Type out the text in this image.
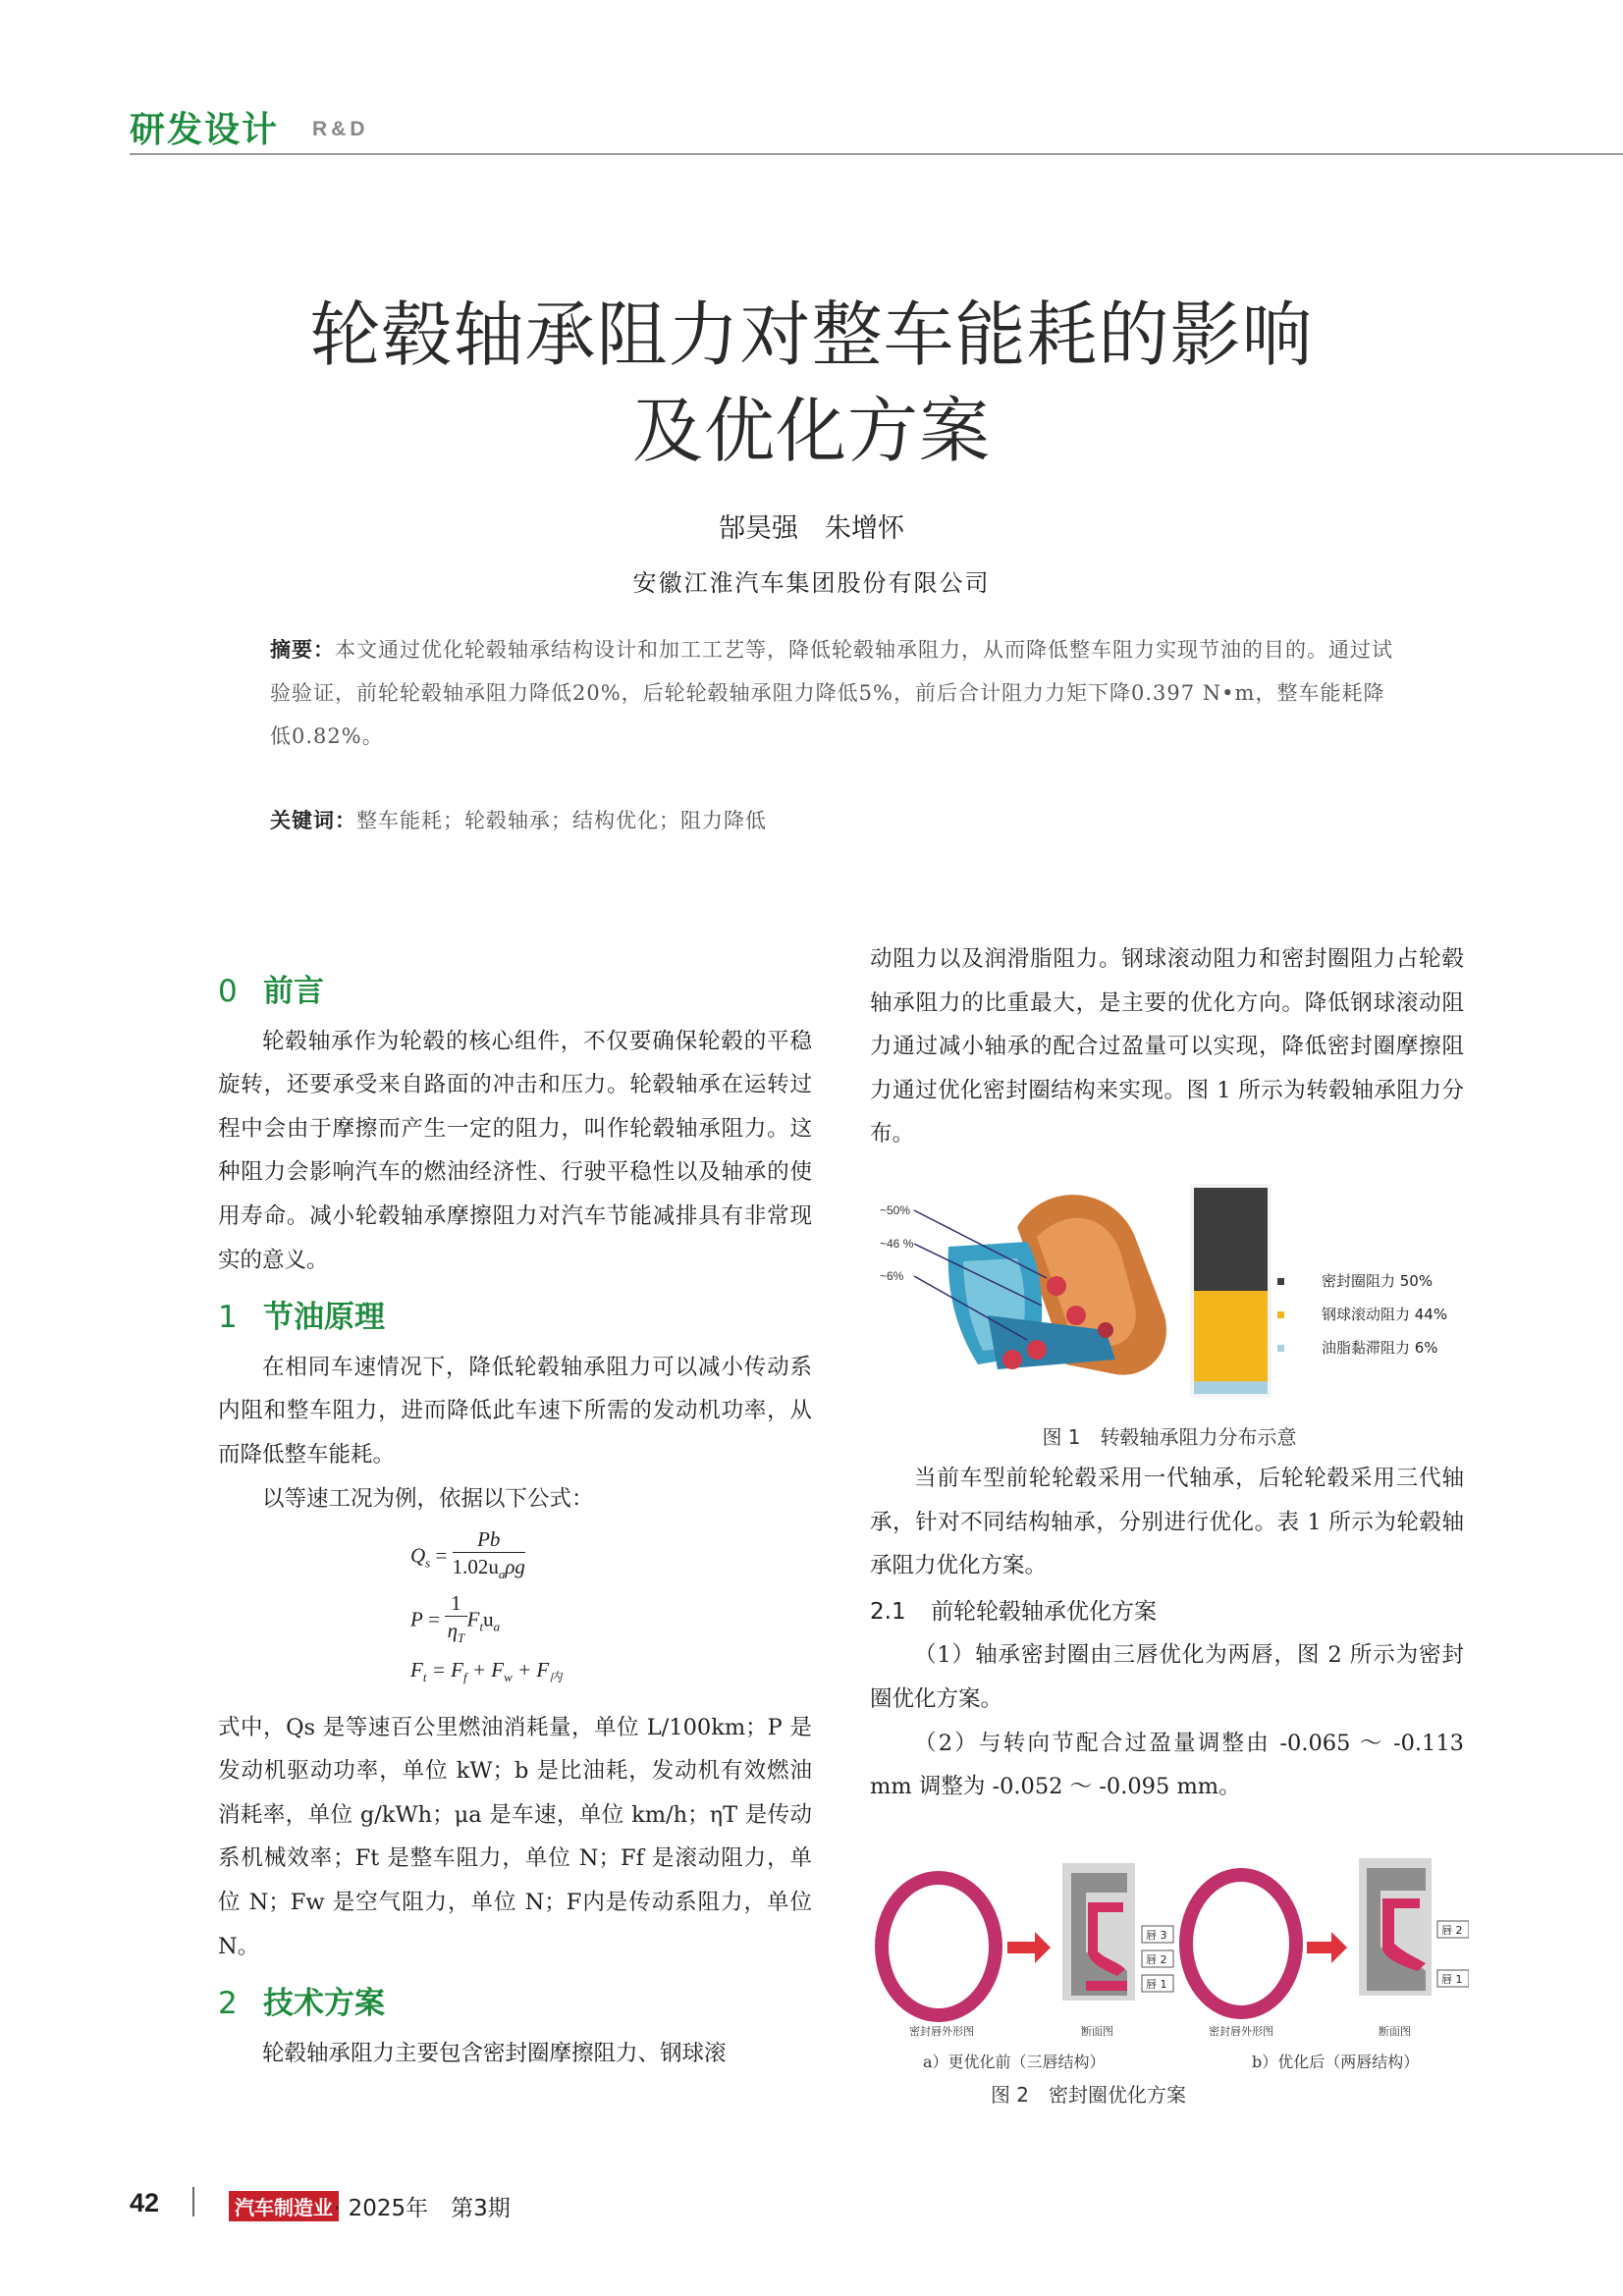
研发设计 R&D
轮毂轴承阻力对整车能耗的影响
及优化方案
郜昊强　朱增怀
安徽江淮汽车集团股份有限公司
摘要：本文通过优化轮毂轴承结构设计和加工工艺等，降低轮毂轴承阻力，从而降低整车阻力实现节油的目的。通过试验验证，前轮轮毂轴承阻力降低20%，后轮轮毂轴承阻力降低5%，前后合计阻力力矩下降0.397 N•m，整车能耗降低0.82%。
关键词：整车能耗；轮毂轴承；结构优化；阻力降低
0 前言

轮毂轴承作为轮毂的核心组件，不仅要确保轮毂的平稳旋转，还要承受来自路面的冲击和压力。轮毂轴承在运转过程中会由于摩擦而产生一定的阻力，叫作轮毂轴承阻力。这种阻力会影响汽车的燃油经济性、行驶平稳性以及轴承的使用寿命。减小轮毂轴承摩擦阻力对汽车节能减排具有非常现实的意义。

1 节油原理

在相同车速情况下，降低轮毂轴承阻力可以减小传动系内阻和整车阻力，进而降低此车速下所需的发动机功率，从而降低整车能耗。

以等速工况为例，依据以下公式：

$Q_s = \frac{Pb}{1.02u_a\rho g}$
$P = \frac{1}{\eta_T} F_tu_a$
$F_t = F_f + F_w + F_内$

式中，Qs 是等速百公里燃油消耗量，单位 L/100km；P 是发动机驱动功率，单位 kW；b 是比油耗，发动机有效燃油消耗率，单位 g/kWh；μa 是车速，单位 km/h；ηT 是传动系机械效率；Ft 是整车阻力，单位 N；Ff 是滚动阻力，单位 N；Fw 是空气阻力，单位 N；F内是传动系阻力，单位 N。

2 技术方案

轮毂轴承阻力主要包含密封圈摩擦阻力、钢球滚

动阻力以及润滑脂阻力。钢球滚动阻力和密封圈阻力占轮毂轴承阻力的比重最大，是主要的优化方向。降低钢球滚动阻力通过减小轴承的配合过盈量可以实现，降低密封圈摩擦阻力通过优化密封圈结构来实现。图 1 所示为转毂轴承阻力分布。

~50%
~46 %
~6%	密封圈阻力 50%
钢球滚动阻力 44%
油脂黏滞阻力 6%
图 1　转毂轴承阻力分布示意

当前车型前轮轮毂采用一代轴承，后轮轮毂采用三代轴承，针对不同结构轴承，分别进行优化。表 1 所示为轮毂轴承阻力优化方案。

2.1 前轮轮毂轴承优化方案

（1）轴承密封圈由三唇优化为两唇，图 2 所示为密封圈优化方案。

（2）与转向节配合过盈量调整由 -0.065 ～ -0.113 mm 调整为 -0.052 ～ -0.095 mm。

唇 3
唇 2
唇 1
唇 2
唇 1
密封唇外形图	断面图	密封唇外形图	断面图
a）更优化前（三唇结构）	b）优化后（两唇结构）
图 2　密封圈优化方案
42	汽车制造业 · 2025年　第3期
